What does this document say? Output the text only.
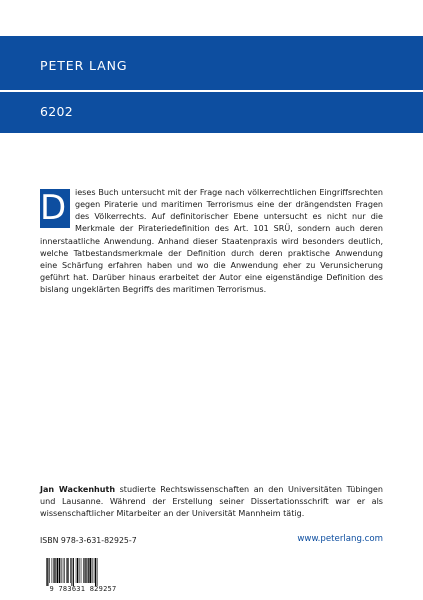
PETER LANG
6202
D	ieses Buch untersucht mit der Frage nach völkerrechtlichen Eingriffsrechten gegen Piraterie und maritimen Terrorismus eine der drängendsten Fragen des Völkerrechts. Auf definitorischer Ebene untersucht es nicht nur die Merkmale der Pirateriedefinition des Art. 101 SRÜ, sondern auch deren innerstaatliche Anwendung. Anhand dieser Staatenpraxis wird besonders deutlich, welche Tatbestandsmerkmale der Definition durch deren praktische Anwendung eine Schärfung erfahren haben und wo die Anwendung eher zu Verunsicherung geführt hat. Darüber hinaus erarbeitet der Autor eine eigenständige Definition des bislang ungeklärten Begriffs des maritimen Terrorismus.
Jan Wackenhuth studierte Rechtswissenschaften an den Universitäten Tübingen und Lausanne. Während der Erstellung seiner Dissertationsschrift war er als wissenschaftlicher Mitarbeiter an der Universität Mannheim tätig.
ISBN 978-3-631-82925-7	www.peterlang.com
9 783631 829257
